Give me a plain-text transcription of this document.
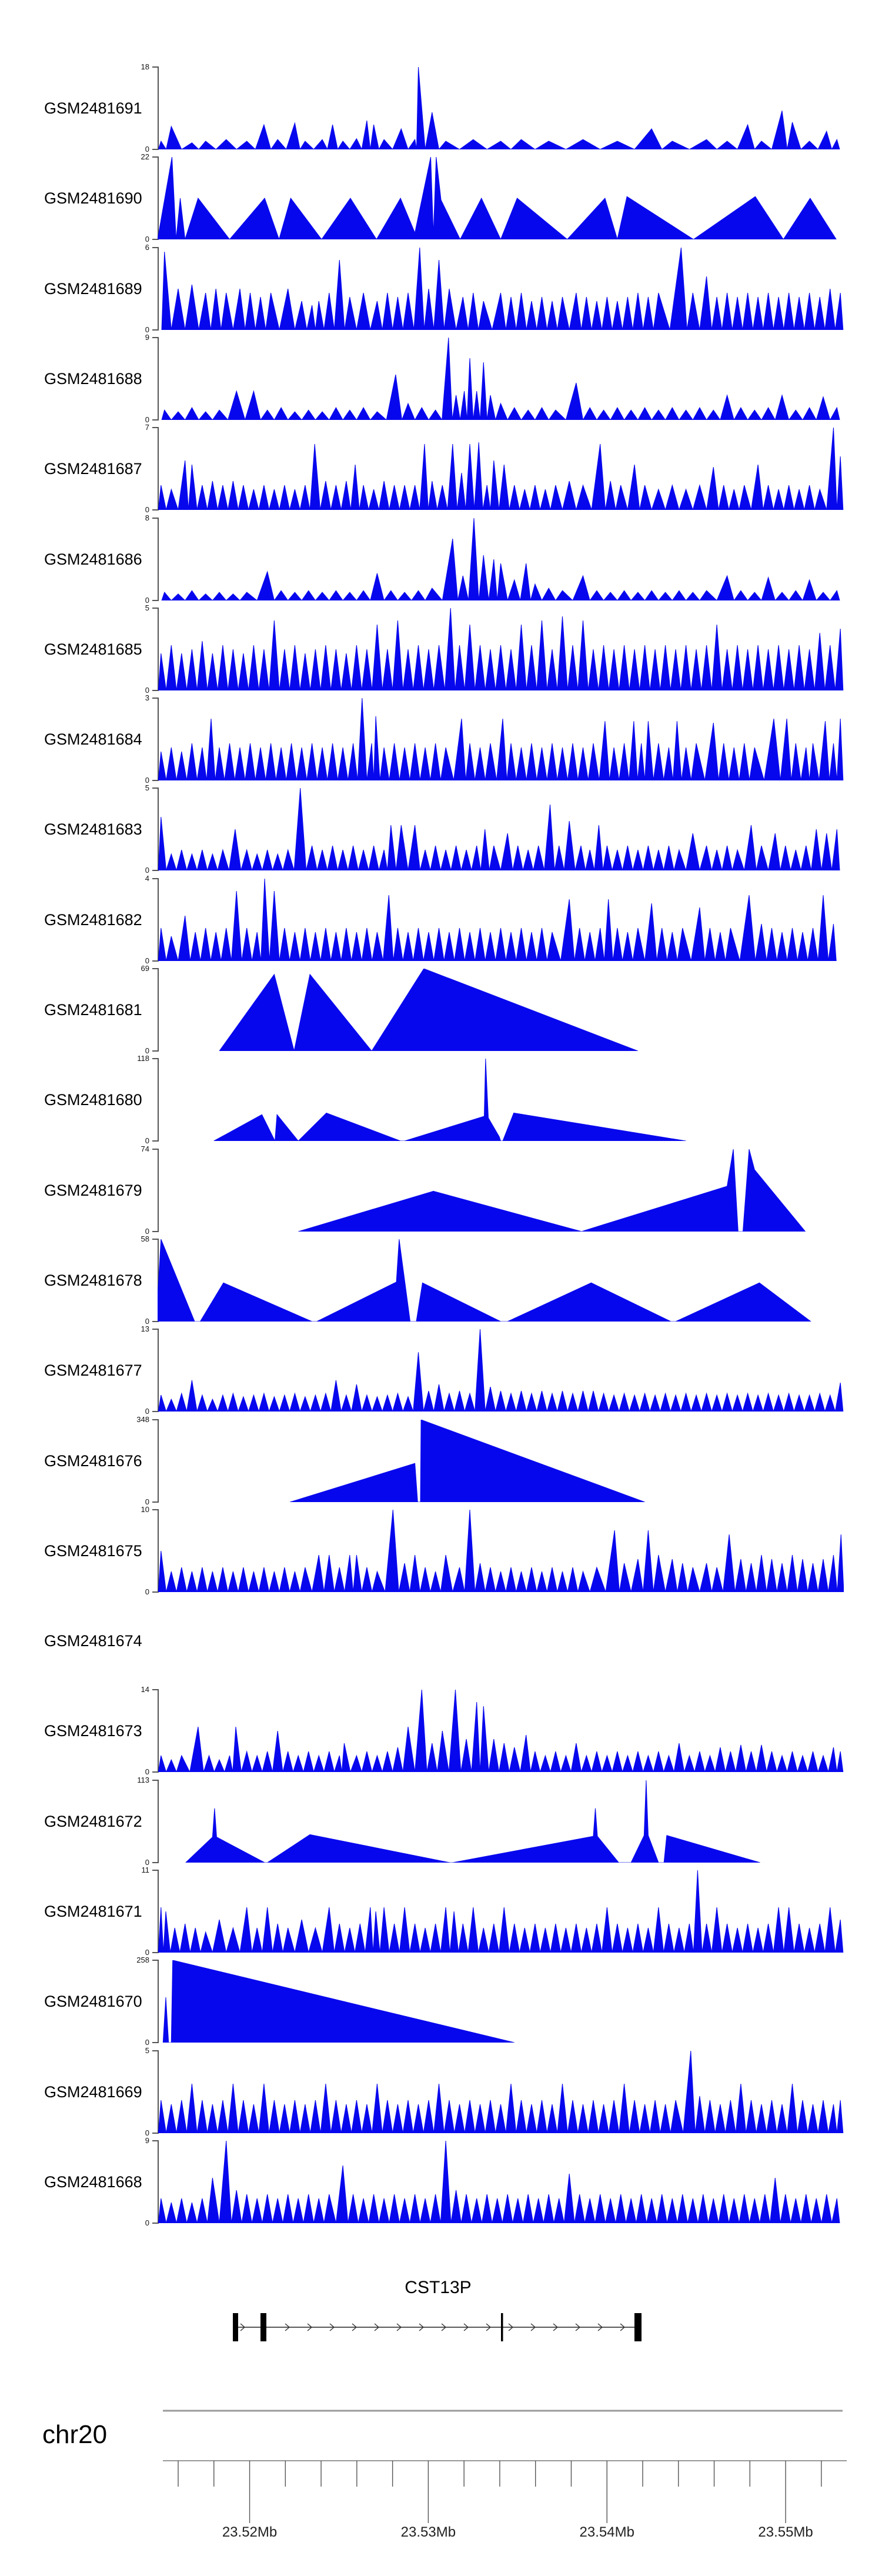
GSM2481691
18
0
GSM2481690
22
0
GSM2481689
6
0
GSM2481688
9
0
GSM2481687
7
0
GSM2481686
8
0
GSM2481685
5
0
GSM2481684
3
0
GSM2481683
5
0
GSM2481682
4
0
GSM2481681
69
0
GSM2481680
118
0
GSM2481679
74
0
GSM2481678
58
0
GSM2481677
13
0
GSM2481676
348
0
GSM2481675
10
0
GSM2481674
GSM2481673
14
0
GSM2481672
113
0
GSM2481671
11
0
GSM2481670
258
0
GSM2481669
5
0
GSM2481668
9
0
CST13P
chr20
23.52Mb	23.53Mb	23.54Mb	23.55Mb
